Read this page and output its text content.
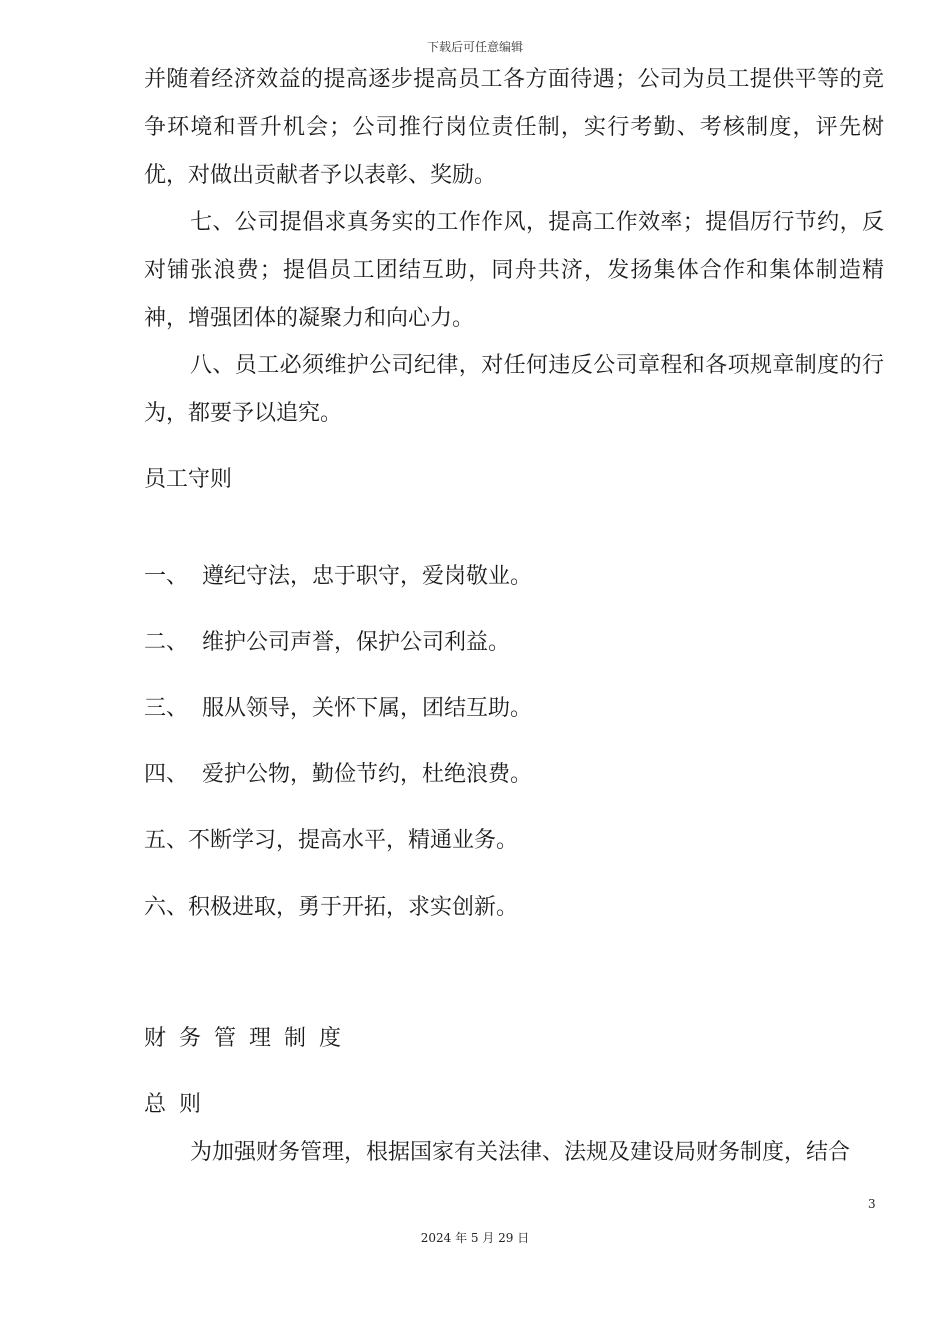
下载后可任意编辑

并随着经济效益的提高逐步提高员工各方面待遇；公司为员工提供平等的竞争环境和晋升机会；公司推行岗位责任制，实行考勤、考核制度，评先树优，对做出贡献者予以表彰、奖励。

七、公司提倡求真务实的工作作风，提高工作效率；提倡厉行节约，反对铺张浪费；提倡员工团结互助，同舟共济，发扬集体合作和集体制造精神，增强团体的凝聚力和向心力。

八、员工必须维护公司纪律，对任何违反公司章程和各项规章制度的行为，都要予以追究。

员工守则
一、 遵纪守法，忠于职守，爱岗敬业。
二、 维护公司声誉，保护公司利益。
三、 服从领导，关怀下属，团结互助。
四、 爱护公物，勤俭节约，杜绝浪费。
五、不断学习，提高水平，精通业务。
六、积极进取，勇于开拓，求实创新。
财务管理制度
总则
为加强财务管理，根据国家有关法律、法规及建设局财务制度，结合
3
2024 年 5 月 29 日
